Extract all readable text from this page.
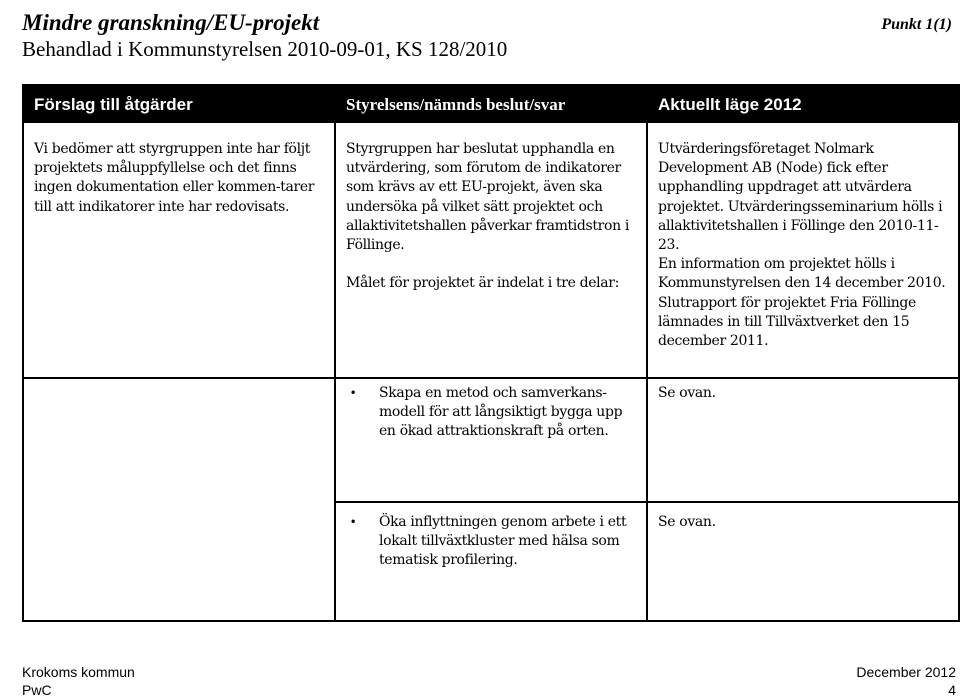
Mindre granskning/EU-projekt
Behandlad i Kommunstyrelsen 2010-09-01, KS 128/2010
Punkt 1(1)
Förslag till åtgärder	Styrelsens/nämnds beslut/svar	Aktuellt läge 2012

Vi bedömer att styrgruppen inte har följt projektets måluppfyllelse och det finns ingen dokumentation eller kommen-tarer till att indikatorer inte har redovisats.

Styrgruppen har beslutat upphandla en utvärdering, som förutom de indikatorer som krävs av ett EU-projekt, även ska undersöka på vilket sätt projektet och allaktivitetshallen påverkar framtidstron i Föllinge.

Målet för projektet är indelat i tre delar:

Utvärderingsföretaget Nolmark Development AB (Node) fick efter upphandling uppdraget att utvärdera projektet. Utvärderingsseminarium hölls i allaktivitetshallen i Föllinge den 2010-11-23.

En information om projektet hölls i Kommunstyrelsen den 14 december 2010.

Slutrapport för projektet Fria Föllinge lämnades in till Tillväxtverket den 15 december 2011.

• Skapa en metod och samverkans-modell för att långsiktigt bygga upp en ökad attraktionskraft på orten.
Se ovan.
• Öka inflyttningen genom arbete i ett lokalt tillväxtkluster med hälsa som tematisk profilering.
Se ovan.
Krokoms kommun
PwC
December 2012
4
